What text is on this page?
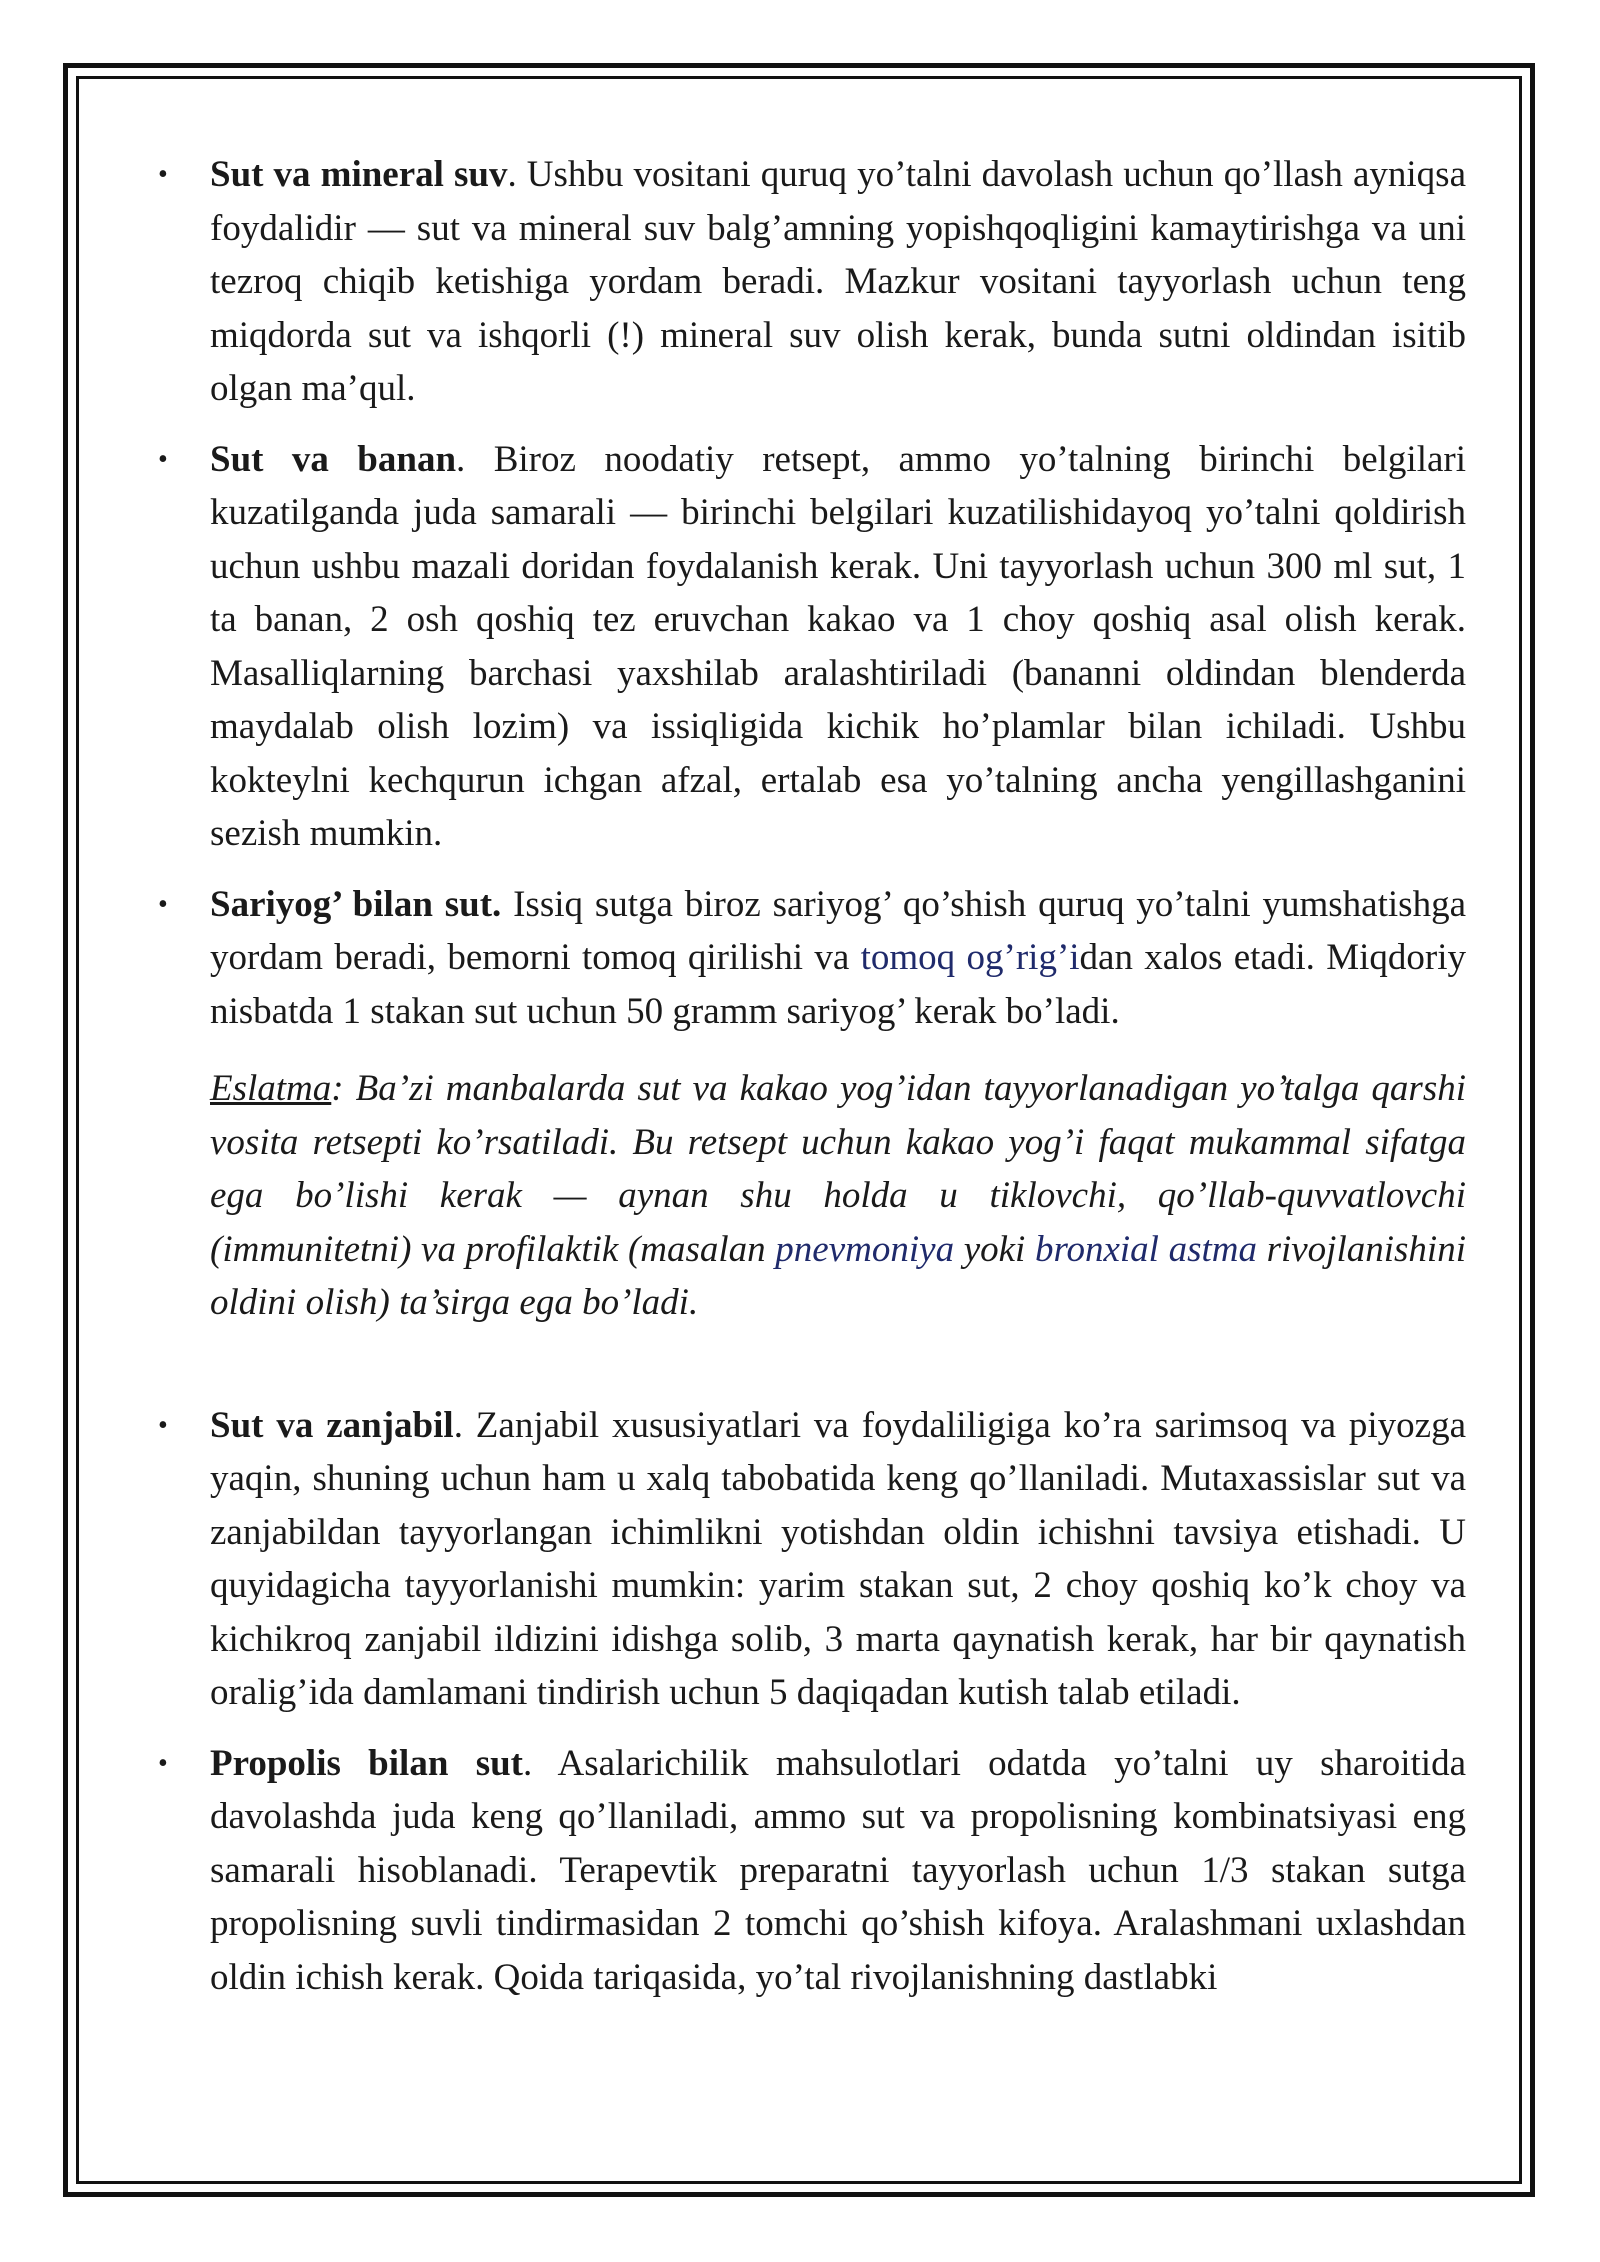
• Sut va mineral suv. Ushbu vositani quruq yo’talni davolash uchun qo’llash ayniqsa foydalidir — sut va mineral suv balg’amning yopishqoqligini kamaytirishga va uni tezroq chiqib ketishiga yordam beradi. Mazkur vositani tayyorlash uchun teng miqdorda sut va ishqorli (!) mineral suv olish kerak, bunda sutni oldindan isitib olgan ma’qul.
• Sut va banan. Biroz noodatiy retsept, ammo yo’talning birinchi belgilari kuzatilganda juda samarali — birinchi belgilari kuzatilishidayoq yo’talni qoldirish uchun ushbu mazali doridan foydalanish kerak. Uni tayyorlash uchun 300 ml sut, 1 ta banan, 2 osh qoshiq tez eruvchan kakao va 1 choy qoshiq asal olish kerak. Masalliqlarning barchasi yaxshilab aralashtiriladi (bananni oldindan blenderda maydalab olish lozim) va issiqligida kichik ho’plamlar bilan ichiladi. Ushbu kokteylni kechqurun ichgan afzal, ertalab esa yo’talning ancha yengillashganini sezish mumkin.
• Sariyog’ bilan sut. Issiq sutga biroz sariyog’ qo’shish quruq yo’talni yumshatishga yordam beradi, bemorni tomoq qirilishi va tomoq og’rig’idan xalos etadi. Miqdoriy nisbatda 1 stakan sut uchun 50 gramm sariyog’ kerak bo’ladi.
Eslatma: Ba’zi manbalarda sut va kakao yog’idan tayyorlanadigan yo’talga qarshi vosita retsepti ko’rsatiladi. Bu retsept uchun kakao yog’i faqat mukammal sifatga ega bo’lishi kerak — aynan shu holda u tiklovchi, qo’llab-quvvatlovchi (immunitetni) va profilaktik (masalan pnevmoniya yoki bronxial astma rivojlanishini oldini olish) ta’sirga ega bo’ladi.
• Sut va zanjabil. Zanjabil xususiyatlari va foydaliligiga ko’ra sarimsoq va piyozga yaqin, shuning uchun ham u xalq tabobatida keng qo’llaniladi. Mutaxassislar sut va zanjabildan tayyorlangan ichimlikni yotishdan oldin ichishni tavsiya etishadi. U quyidagicha tayyorlanishi mumkin: yarim stakan sut, 2 choy qoshiq ko’k choy va kichikroq zanjabil ildizini idishga solib, 3 marta qaynatish kerak, har bir qaynatish oralig’ida damlamani tindirish uchun 5 daqiqadan kutish talab etiladi.
• Propolis bilan sut. Asalarichilik mahsulotlari odatda yo’talni uy sharoitida davolashda juda keng qo’llaniladi, ammo sut va propolisning kombinatsiyasi eng samarali hisoblanadi. Terapevtik preparatni tayyorlash uchun 1/3 stakan sutga propolisning suvli tindirmasidan 2 tomchi qo’shish kifoya. Aralashmani uxlashdan oldin ichish kerak. Qoida tariqasida, yo’tal rivojlanishning dastlabki
